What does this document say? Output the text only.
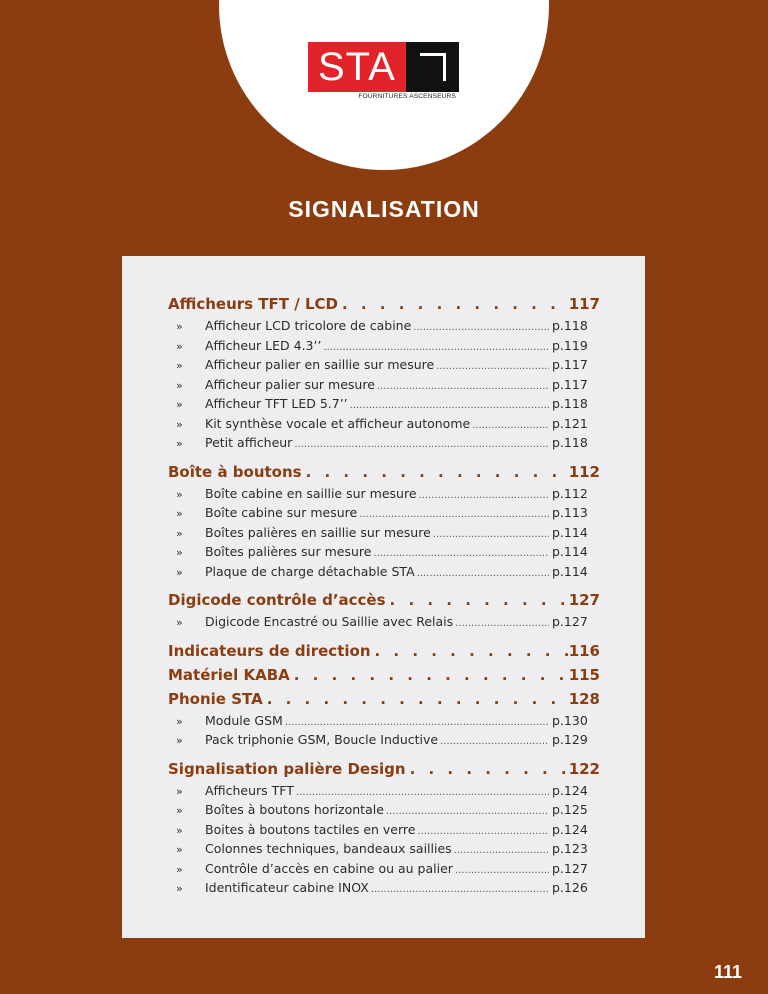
STA
FOURNITURES ASCENSEURS
SIGNALISATION
Afficheurs TFT / LCD . . .	117
»	Afficheur LCD tricolore de cabine .....	p.118
»	Afficheur LED 4.3’’ .....	p.119
»	Afficheur palier en saillie sur mesure .....	p.117
»	Afficheur palier sur mesure .....	p.117
»	Afficheur TFT LED 5.7’’ .....	p.118
»	Kit synthèse vocale et afficheur autonome .....	p.121
»	Petit afficheur .....	p.118
Boîte à boutons . . .	112
»	Boîte cabine en saillie sur mesure .....	p.112
»	Boîte cabine sur mesure .....	p.113
»	Boîtes palières en saillie sur mesure .....	p.114
»	Boîtes palières sur mesure .....	p.114
»	Plaque de charge détachable STA .....	p.114
Digicode contrôle d’accès . . .	127
»	Digicode Encastré ou Saillie avec Relais .....	p.127
Indicateurs de direction . . .	116
Matériel KABA . . .	115
Phonie STA . . .	128
»	Module GSM .....	p.130
»	Pack triphonie GSM, Boucle Inductive .....	p.129
Signalisation palière Design . . .	122
»	Afficheurs TFT .....	p.124
»	Boîtes à boutons horizontale .....	p.125
»	Boites à boutons tactiles en verre .....	p.124
»	Colonnes techniques, bandeaux saillies .....	p.123
»	Contrôle d’accès en cabine ou au palier .....	p.127
»	Identificateur cabine INOX .....	p.126
111
